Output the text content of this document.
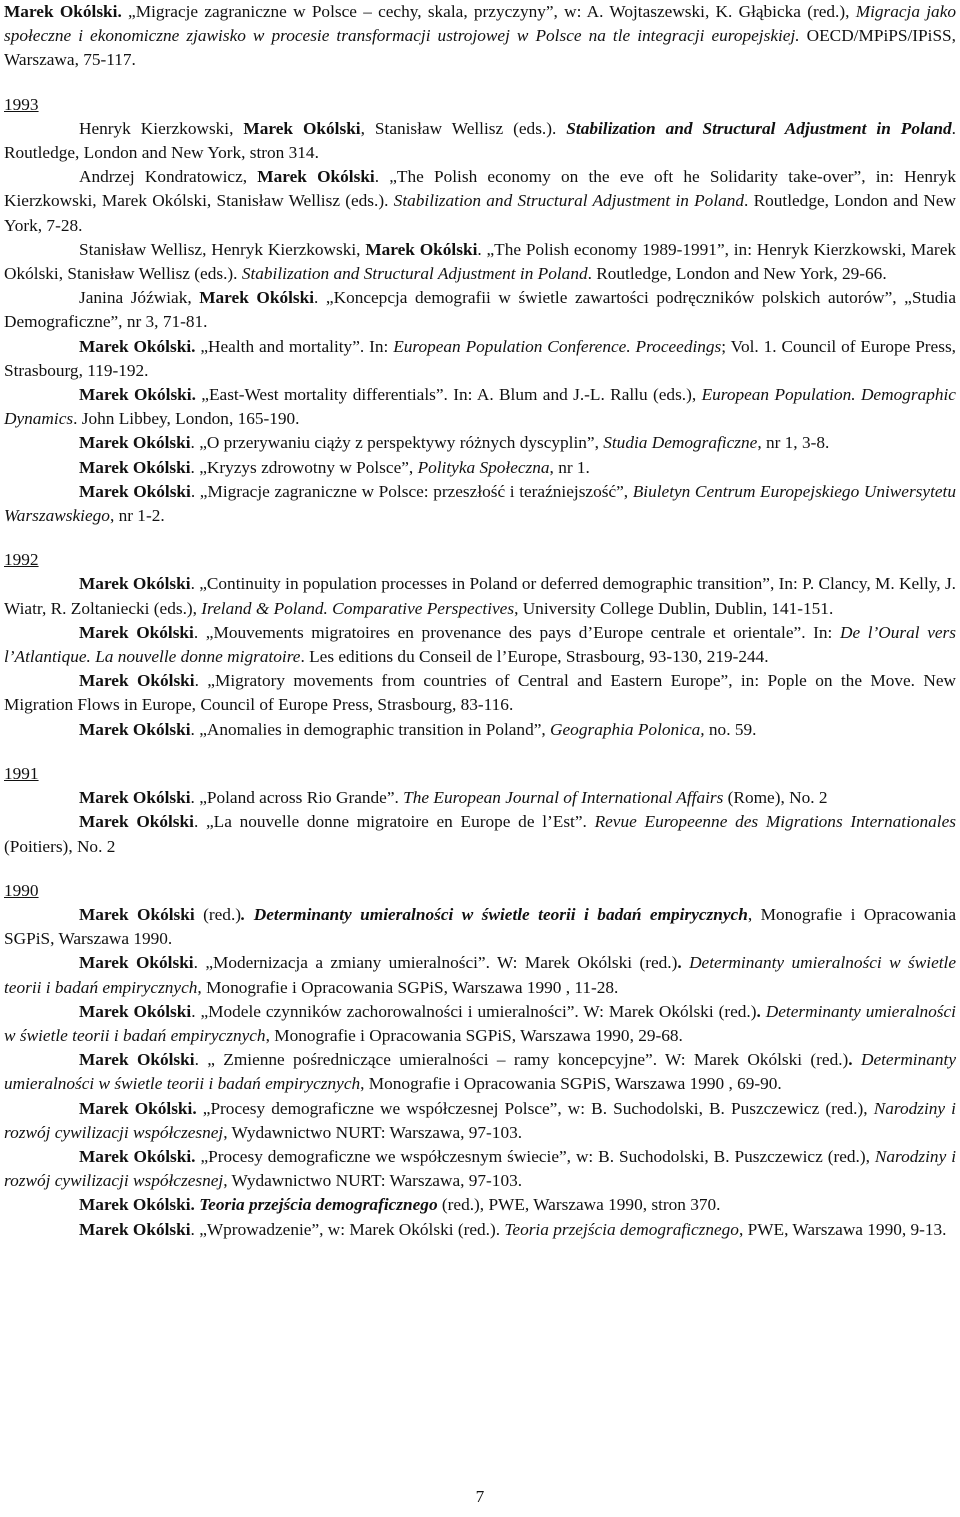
Marek Okólski. „Migracje zagraniczne w Polsce – cechy, skala, przyczyny”, w: A. Wojtaszewski, K. Głąbicka (red.), Migracja jako społeczne i ekonomiczne zjawisko w procesie transformacji ustrojowej w Polsce na tle integracji europejskiej. OECD/MPiPS/IPiSS, Warszawa, 75-117.

1993

Henryk Kierzkowski, Marek Okólski, Stanisław Wellisz (eds.). Stabilization and Structural Adjustment in Poland. Routledge, London and New York, stron 314.

Andrzej Kondratowicz, Marek Okólski. „The Polish economy on the eve oft he Solidarity take-over”, in: Henryk Kierzkowski, Marek Okólski, Stanisław Wellisz (eds.). Stabilization and Structural Adjustment in Poland. Routledge, London and New York, 7-28.

Stanisław Wellisz, Henryk Kierzkowski, Marek Okólski. „The Polish economy 1989-1991”, in: Henryk Kierzkowski, Marek Okólski, Stanisław Wellisz (eds.). Stabilization and Structural Adjustment in Poland. Routledge, London and New York, 29-66.

Janina Jóźwiak, Marek Okólski. „Koncepcja demografii w świetle zawartości podręczników polskich autorów”, „Studia Demograficzne”, nr 3, 71-81.

Marek Okólski. „Health and mortality”. In: European Population Conference. Proceedings; Vol. 1. Council of Europe Press, Strasbourg, 119-192.

Marek Okólski. „East-West mortality differentials”. In: A. Blum and J.-L. Rallu (eds.), European Population. Demographic Dynamics. John Libbey, London, 165-190.

Marek Okólski. „O przerywaniu ciąży z perspektywy różnych dyscyplin”, Studia Demograficzne, nr 1, 3-8.

Marek Okólski. „Kryzys zdrowotny w Polsce”, Polityka Społeczna, nr 1.

Marek Okólski. „Migracje zagraniczne w Polsce: przeszłość i teraźniejszość”, Biuletyn Centrum Europejskiego Uniwersytetu Warszawskiego, nr 1-2.

1992

Marek Okólski. „Continuity in population processes in Poland or deferred demographic transition”, In: P. Clancy, M. Kelly, J. Wiatr, R. Zoltaniecki (eds.), Ireland & Poland. Comparative Perspectives, University College Dublin, Dublin, 141-151.

Marek Okólski. „Mouvements migratoires en provenance des pays d’Europe centrale et orientale”. In: De l’Oural vers l’Atlantique. La nouvelle donne migratoire. Les editions du Conseil de l’Europe, Strasbourg, 93-130, 219-244.

Marek Okólski. „Migratory movements from countries of Central and Eastern Europe”, in: Pople on the Move. New Migration Flows in Europe, Council of Europe Press, Strasbourg, 83-116.

Marek Okólski. „Anomalies in demographic transition in Poland”, Geographia Polonica, no. 59.

1991

Marek Okólski. „Poland across Rio Grande”. The European Journal of International Affairs (Rome), No. 2

Marek Okólski. „La nouvelle donne migratoire en Europe de l’Est”. Revue Europeenne des Migrations Internationales (Poitiers), No. 2

1990

Marek Okólski (red.). Determinanty umieralności w świetle teorii i badań empirycznych, Monografie i Opracowania SGPiS, Warszawa 1990.

Marek Okólski. „Modernizacja a zmiany umieralności”. W: Marek Okólski (red.). Determinanty umieralności w świetle teorii i badań empirycznych, Monografie i Opracowania SGPiS, Warszawa 1990 , 11-28.

Marek Okólski. „Modele czynników zachorowalności i umieralności”. W: Marek Okólski (red.). Determinanty umieralności w świetle teorii i badań empirycznych, Monografie i Opracowania SGPiS, Warszawa 1990, 29-68.

Marek Okólski. „ Zmienne pośredniczące umieralności – ramy koncepcyjne”. W: Marek Okólski (red.). Determinanty umieralności w świetle teorii i badań empirycznych, Monografie i Opracowania SGPiS, Warszawa 1990 , 69-90.

Marek Okólski. „Procesy demograficzne we współczesnej Polsce”, w: B. Suchodolski, B. Puszczewicz (red.), Narodziny i rozwój cywilizacji współczesnej, Wydawnictwo NURT: Warszawa, 97-103.

Marek Okólski. „Procesy demograficzne we współczesnym świecie”, w: B. Suchodolski, B. Puszczewicz (red.), Narodziny i rozwój cywilizacji współczesnej, Wydawnictwo NURT: Warszawa, 97-103.

Marek Okólski. Teoria przejścia demograficznego (red.), PWE, Warszawa 1990, stron 370.

Marek Okólski. „Wprowadzenie”, w: Marek Okólski (red.). Teoria przejścia demograficznego, PWE, Warszawa 1990, 9-13.

7
